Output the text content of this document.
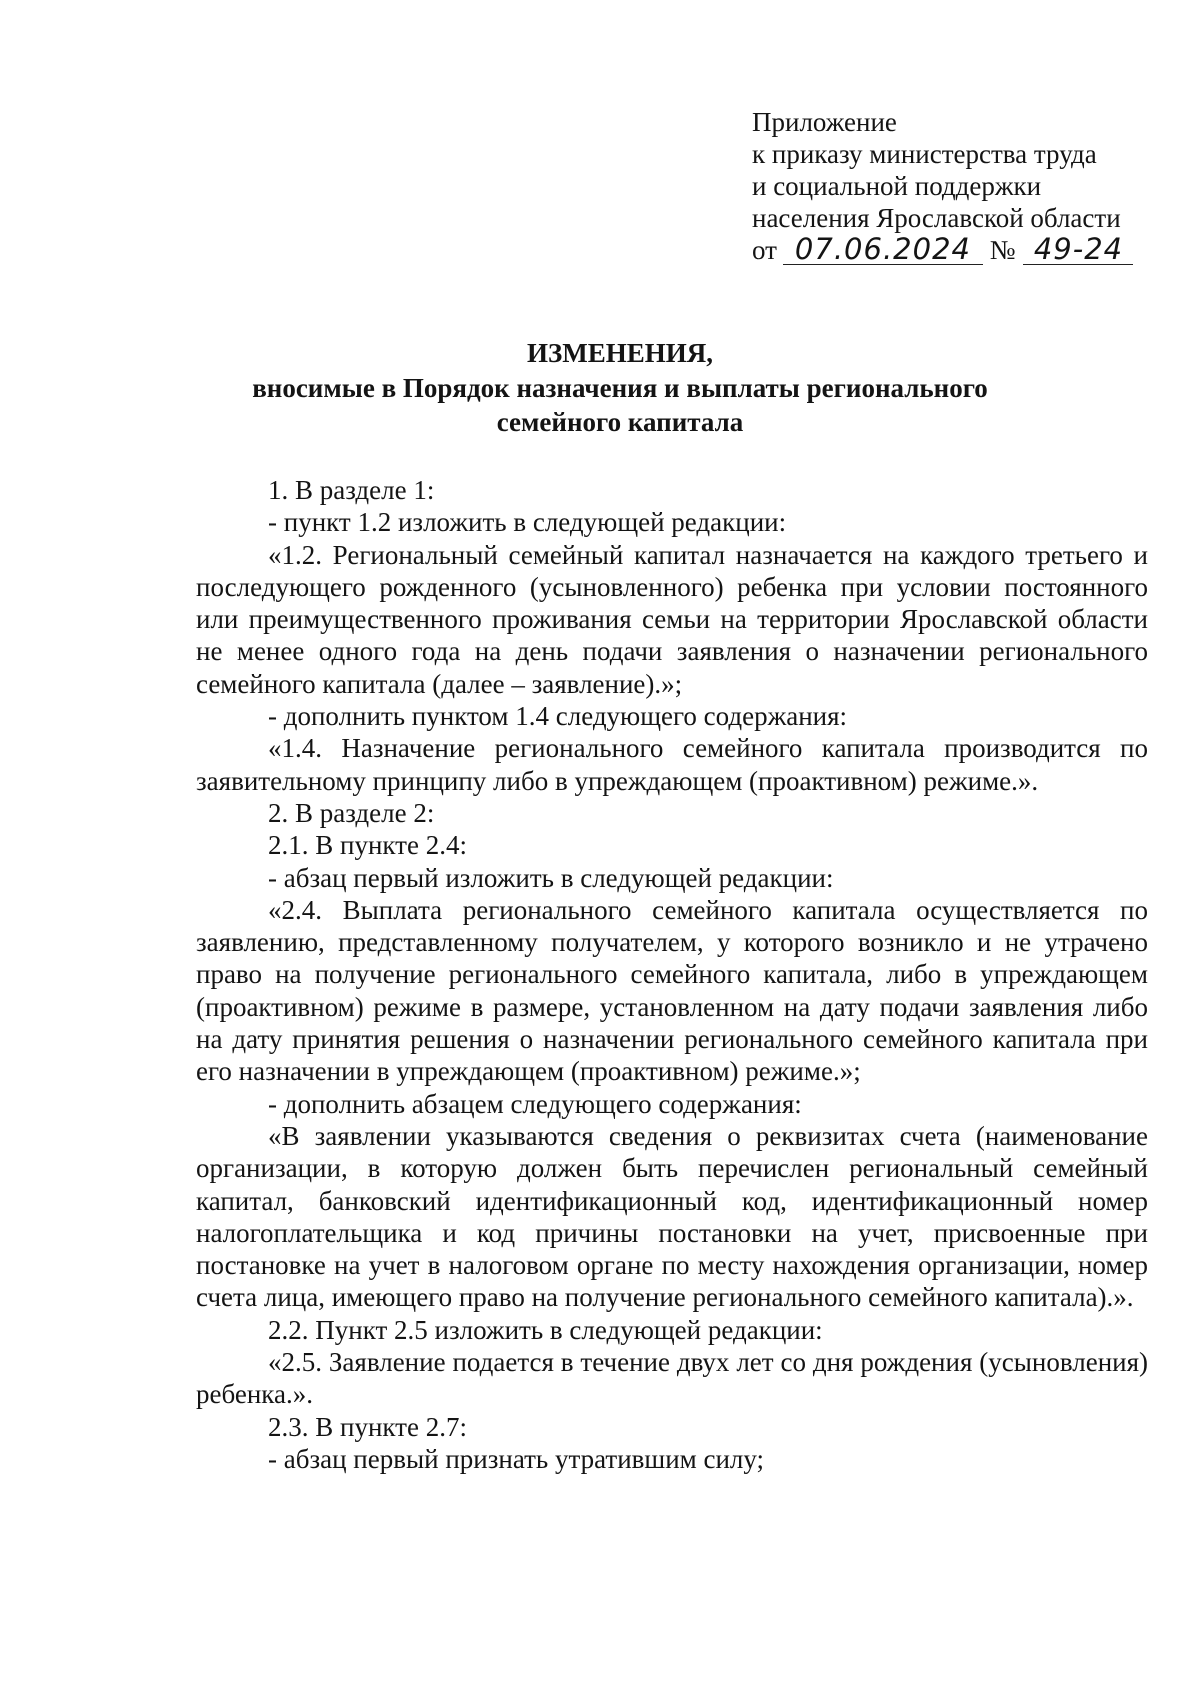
Приложение
к приказу министерства труда
и социальной поддержки
населения Ярославской области
от 07.06.2024 № 49-24
ИЗМЕНЕНИЯ,
вносимые в Порядок назначения и выплаты регионального
семейного капитала

1. В разделе 1:

- пункт 1.2 изложить в следующей редакции:

«1.2. Региональный семейный капитал назначается на каждого третьего и последующего рожденного (усыновленного) ребенка при условии постоянного или преимущественного проживания семьи на территории Ярославской области не менее одного года на день подачи заявления о назначении регионального семейного капитала (далее – заявление).»;

- дополнить пунктом 1.4 следующего содержания:

«1.4. Назначение регионального семейного капитала производится по заявительному принципу либо в упреждающем (проактивном) режиме.».

2. В разделе 2:

2.1. В пункте 2.4:

- абзац первый изложить в следующей редакции:

«2.4. Выплата регионального семейного капитала осуществляется по заявлению, представленному получателем, у которого возникло и не утрачено право на получение регионального семейного капитала, либо в упреждающем (проактивном) режиме в размере, установленном на дату подачи заявления либо на дату принятия решения о назначении регионального семейного капитала при его назначении в упреждающем (проактивном) режиме.»;

- дополнить абзацем следующего содержания:

«В заявлении указываются сведения о реквизитах счета (наименование организации, в которую должен быть перечислен региональный семейный капитал, банковский идентификационный код, идентификационный номер налогоплательщика и код причины постановки на учет, присвоенные при постановке на учет в налоговом органе по месту нахождения организации, номер счета лица, имеющего право на получение регионального семейного капитала).».

2.2. Пункт 2.5 изложить в следующей редакции:

«2.5. Заявление подается в течение двух лет со дня рождения (усыновления) ребенка.».

2.3. В пункте 2.7:

- абзац первый признать утратившим силу;
